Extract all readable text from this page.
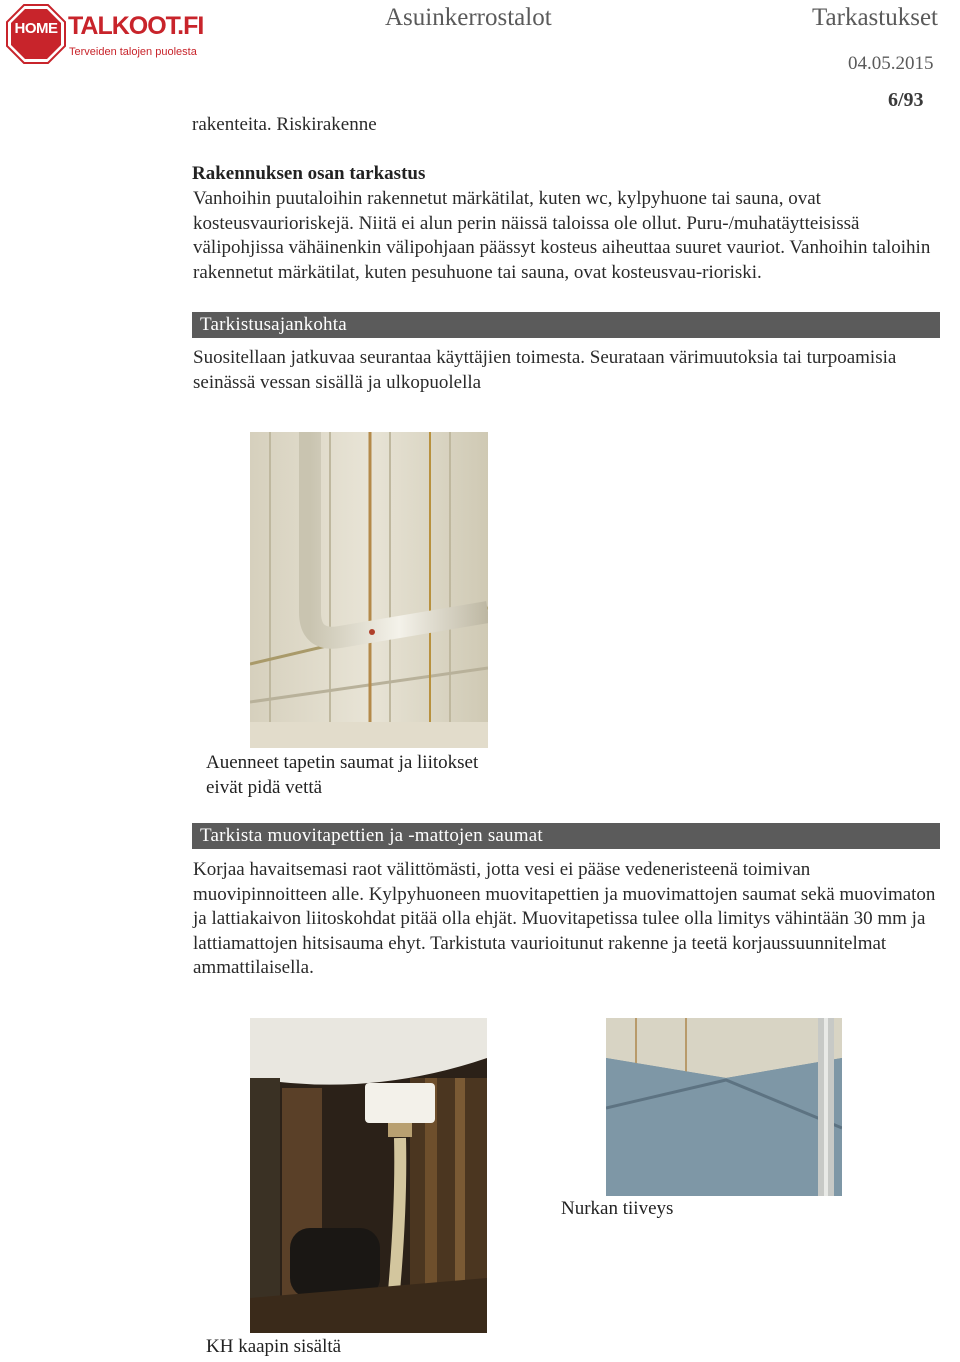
HOME TALKOOT.FI
Terveiden talojen puolesta
Asuinkerrostalot	Tarkastukset
04.05.2015
6/93
rakenteita. Riskirakenne
Rakennuksen osan tarkastus
Vanhoihin puutaloihin rakennetut märkätilat, kuten wc, kylpyhuone tai sauna, ovat kosteusvaurioriskejä. Niitä ei alun perin näissä taloissa ole ollut. Puru-/muhatäytteisissä välipohjissa vähäinenkin välipohjaan päässyt kosteus aiheuttaa suuret vauriot. Vanhoihin taloihin rakennetut märkätilat, kuten pesuhuone tai sauna, ovat kosteusvau-rioriski.
Tarkistusajankohta
Suositellaan jatkuvaa seurantaa käyttäjien toimesta. Seurataan värimuutoksia tai turpoamisia seinässä vessan sisällä ja ulkopuolella
Auenneet tapetin saumat ja liitokset
eivät pidä vettä
Tarkista muovitapettien ja -mattojen saumat
Korjaa havaitsemasi raot välittömästi, jotta vesi ei pääse vedeneristeenä toimivan muovipinnoitteen alle. Kylpyhuoneen muovitapettien ja muovimattojen saumat sekä muovimaton ja lattiakaivon liitoskohdat pitää olla ehjät. Muovitapetissa tulee olla limitys vähintään 30 mm ja lattiamattojen hitsisauma ehyt. Tarkistuta vaurioitunut rakenne ja teetä korjaussuunnitelmat ammattilaisella.
Nurkan tiiveys
KH kaapin sisältä
